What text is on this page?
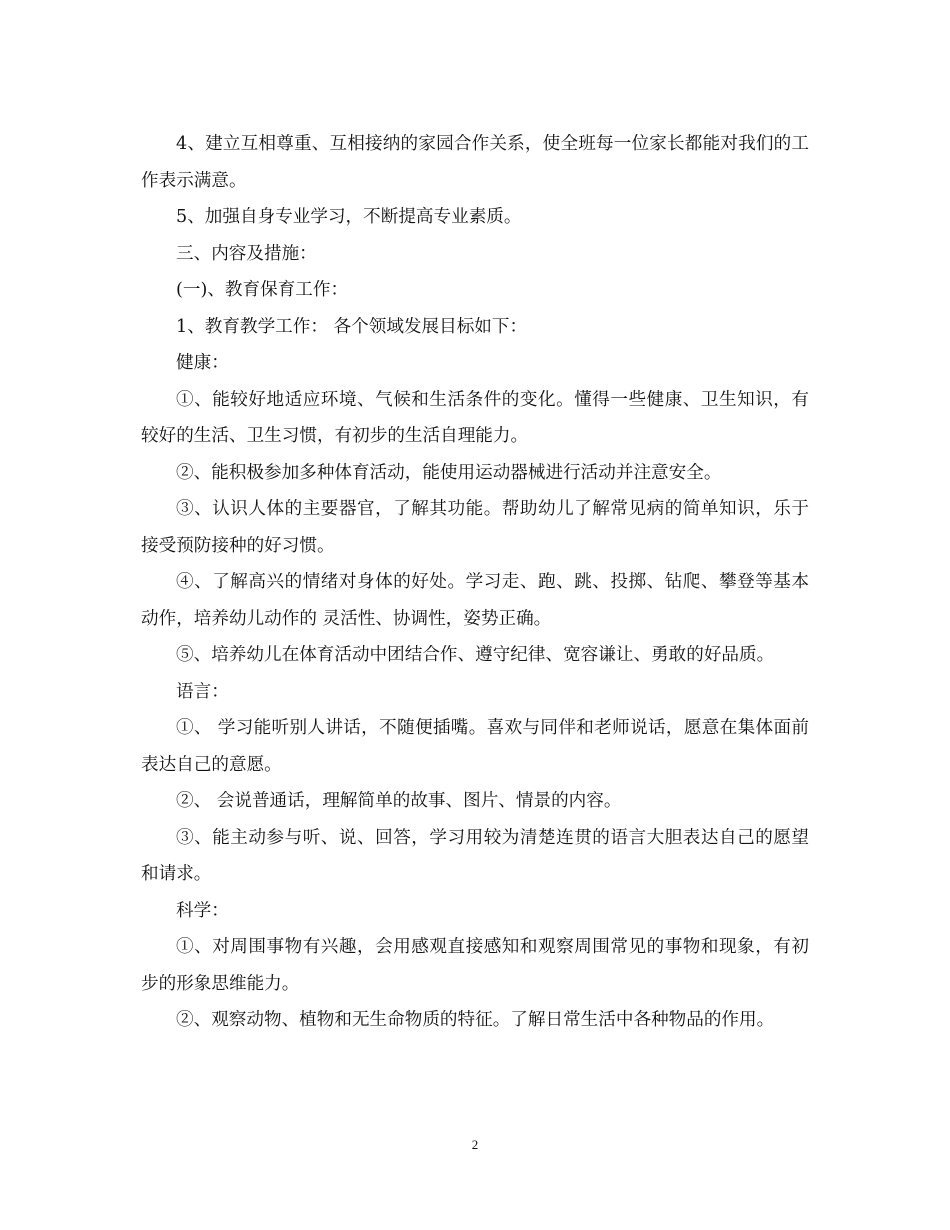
4、建立互相尊重、互相接纳的家园合作关系，使全班每一位家长都能对我们的工作表示满意。

5、加强自身专业学习，不断提高专业素质。

三、内容及措施：

(一)、教育保育工作：

1、教育教学工作： 各个领域发展目标如下：

健康：

①、能较好地适应环境、气候和生活条件的变化。懂得一些健康、卫生知识，有较好的生活、卫生习惯，有初步的生活自理能力。

②、能积极参加多种体育活动，能使用运动器械进行活动并注意安全。

③、认识人体的主要器官，了解其功能。帮助幼儿了解常见病的简单知识，乐于接受预防接种的好习惯。

④、了解高兴的情绪对身体的好处。学习走、跑、跳、投掷、钻爬、攀登等基本动作，培养幼儿动作的 灵活性、协调性，姿势正确。

⑤、培养幼儿在体育活动中团结合作、遵守纪律、宽容谦让、勇敢的好品质。

语言：

①、 学习能听别人讲话，不随便插嘴。喜欢与同伴和老师说话，愿意在集体面前表达自己的意愿。

②、 会说普通话，理解简单的故事、图片、情景的内容。

③、能主动参与听、说、回答，学习用较为清楚连贯的语言大胆表达自己的愿望和请求。

科学：

①、对周围事物有兴趣，会用感观直接感知和观察周围常见的事物和现象，有初步的形象思维能力。

②、观察动物、植物和无生命物质的特征。了解日常生活中各种物品的作用。

2
